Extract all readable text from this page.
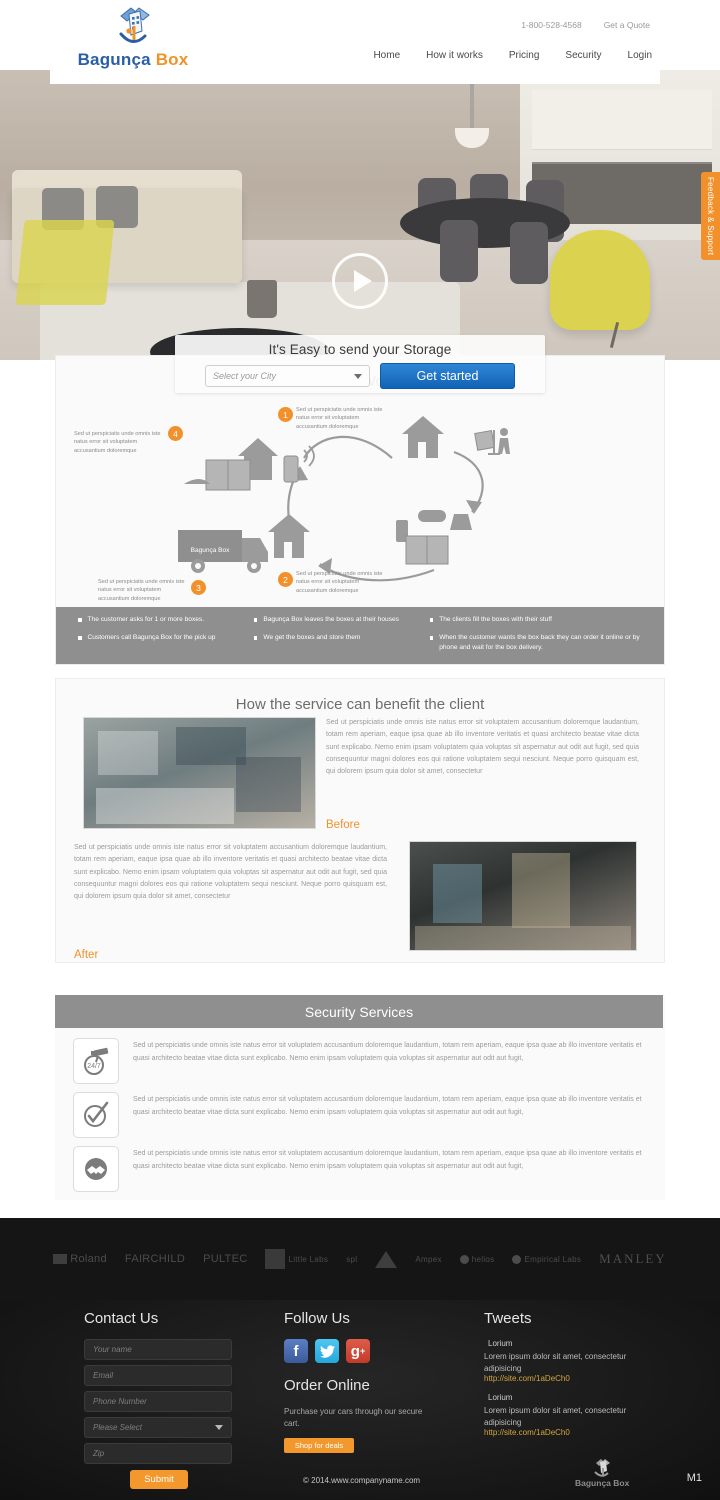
It's Easy to send your Storage
Select your City	Get started
Feedback & Support
Bagunça Box
1-800-528-4568	Get a Quote
Home	How it works	Pricing	Security	Login
Bagunça Box
Sed ut perspiciatis unde omnis iste natus error sit voluptatem accusantium doloremque
1
Sed ut perspiciatis unde omnis iste natus error sit voluptatem accusantium doloremque
2
Sed ut perspiciatis unde omnis iste natus error sit voluptatem accusantium doloremque
3
Sed ut perspiciatis unde omnis iste natus error sit voluptatem accusantium doloremque
4
The customer asks for 1 or more boxes.
Customers call Bagunça Box for the pick up
Bagunça Box leaves the boxes at their houses
We get the boxes and store them
The clients fill the boxes with their stuff
When the customer wants the box back they can order it online or by phone and wait for the box delivery.
How the service can benefit the client
Sed ut perspiciatis unde omnis iste natus error sit voluptatem accusantium doloremque laudantium, totam rem aperiam, eaque ipsa quae ab illo inventore veritatis et quasi architecto beatae vitae dicta sunt explicabo. Nemo enim ipsam voluptatem quia voluptas sit aspernatur aut odit aut fugit, sed quia consequuntur magni dolores eos qui ratione voluptatem sequi nesciunt. Neque porro quisquam est, qui dolorem ipsum quia dolor sit amet, consectetur
Before
Sed ut perspiciatis unde omnis iste natus error sit voluptatem accusantium doloremque laudantium, totam rem aperiam, eaque ipsa quae ab illo inventore veritatis et quasi architecto beatae vitae dicta sunt explicabo. Nemo enim ipsam voluptatem quia voluptas sit aspernatur aut odit aut fugit, sed quia consequuntur magni dolores eos qui ratione voluptatem sequi nesciunt. Neque porro quisquam est, qui dolorem ipsum quia dolor sit amet, consectetur
After
Security Services
24/7
Sed ut perspiciatis unde omnis iste natus error sit voluptatem accusantium doloremque laudantium, totam rem aperiam, eaque ipsa quae ab illo inventore veritatis et quasi architecto beatae vitae dicta sunt explicabo. Nemo enim ipsam voluptatem quia voluptas sit aspernatur aut odit aut fugit,
Sed ut perspiciatis unde omnis iste natus error sit voluptatem accusantium doloremque laudantium, totam rem aperiam, eaque ipsa quae ab illo inventore veritatis et quasi architecto beatae vitae dicta sunt explicabo. Nemo enim ipsam voluptatem quia voluptas sit aspernatur aut odit aut fugit,
Sed ut perspiciatis unde omnis iste natus error sit voluptatem accusantium doloremque laudantium, totam rem aperiam, eaque ipsa quae ab illo inventore veritatis et quasi architecto beatae vitae dicta sunt explicabo. Nemo enim ipsam voluptatem quia voluptas sit aspernatur aut odit aut fugit,
Roland FAIRCHILD PULTEC	Little Labs spl	Ampex	helios	Empirical Labs MANLEY
Contact Us
Your name
Email
Phone Number
Please Select
Zip
Submit
Follow Us
f	g +
Order Online
Purchase your cars through our secure cart.
Shop for deals
Tweets
Lorium
Lorem ipsum dolor sit amet, consectetur adipisicing
http://site.com/1aDeCh0
Lorium
Lorem ipsum dolor sit amet, consectetur adipisicing
http://site.com/1aDeCh0
© 2014.www.companyname.com	Bagunça Box	M1
